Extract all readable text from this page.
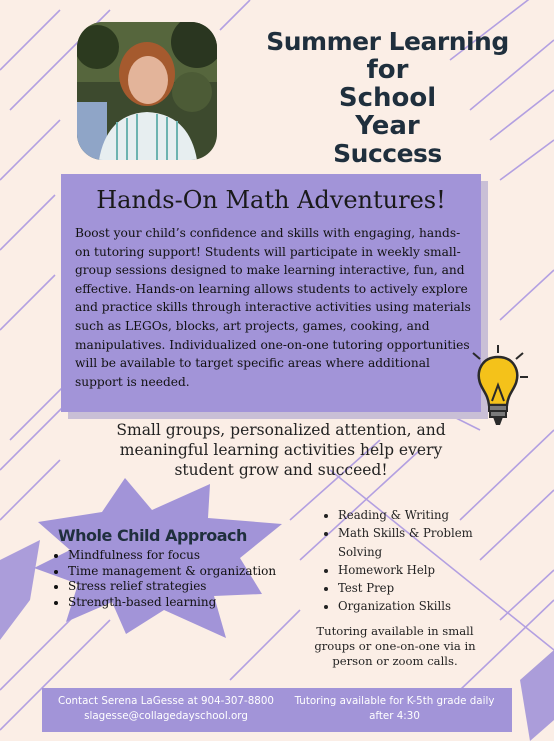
Summer Learning
for
School
Year
Success
Hands-On Math Adventures!
Boost your child’s confidence and skills with engaging, hands-on tutoring support! Students will participate in weekly small-group sessions designed to make learning interactive, fun, and effective. Hands-on learning allows students to actively explore and practice skills through interactive activities using materials such as LEGOs, blocks, art projects, games, cooking, and manipulatives. Individualized one-on-one tutoring opportunities will be available to target specific areas where additional support is needed.
Small groups, personalized attention, and meaningful learning activities help every student grow and succeed!
Whole Child Approach
• Mindfulness for focus
• Time management & organization
• Stress relief strategies
• Strength-based learning
• Reading & Writing
• Math Skills & Problem Solving
• Homework Help
• Test Prep
• Organization Skills
Tutoring available in small groups or one-on-one via in person or zoom calls.
Contact Serena LaGesse at 904-307-8800
slagesse@collagedayschool.org
Tutoring available for K-5th grade daily
after 4:30
